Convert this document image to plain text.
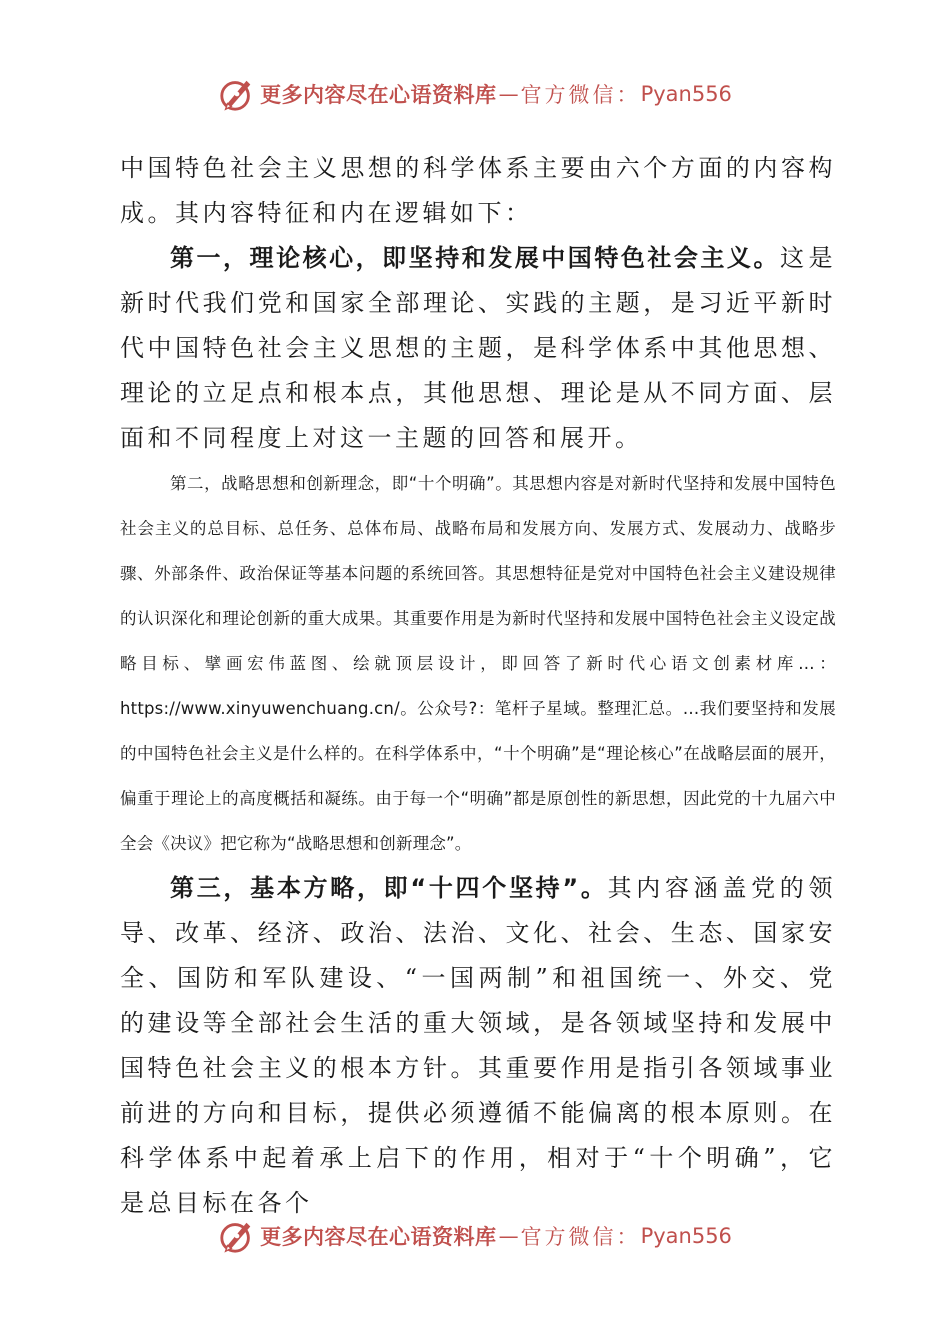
更多内容尽在心语资料库 — 官方微信： Pyan556

中国特色社会主义思想的科学体系主要由六个方面的内容构成。其内容特征和内在逻辑如下：

第一，理论核心，即坚持和发展中国特色社会主义。这是新时代我们党和国家全部理论、实践的主题，是习近平新时代中国特色社会主义思想的主题，是科学体系中其他思想、理论的立足点和根本点，其他思想、理论是从不同方面、层面和不同程度上对这一主题的回答和展开。

第二，战略思想和创新理念，即“十个明确”。其思想内容是对新时代坚持和发展中国特色社会主义的总目标、总任务、总体布局、战略布局和发展方向、发展方式、发展动力、战略步骤、外部条件、政治保证等基本问题的系统回答。其思想特征是党对中国特色社会主义建设规律的认识深化和理论创新的重大成果。其重要作用是为新时代坚持和发展中国特色社会主义设定战略目标、擘画宏伟蓝图、绘就顶层设计，即回答了新时代心语文创素材库…：https://www.xinyuwenchuang.cn/。公众号?：笔杆子星域。整理汇总。…我们要坚持和发展的中国特色社会主义是什么样的。在科学体系中，“十个明确”是“理论核心”在战略层面的展开，偏重于理论上的高度概括和凝练。由于每一个“明确”都是原创性的新思想，因此党的十九届六中全会《决议》把它称为“战略思想和创新理念”。

第三，基本方略，即“十四个坚持”。其内容涵盖党的领导、改革、经济、政治、法治、文化、社会、生态、国家安全、国防和军队建设、“一国两制”和祖国统一、外交、党的建设等全部社会生活的重大领域，是各领域坚持和发展中国特色社会主义的根本方针。其重要作用是指引各领域事业前进的方向和目标，提供必须遵循不能偏离的根本原则。在科学体系中起着承上启下的作用，相对于“十个明确”，它是总目标在各个

更多内容尽在心语资料库 — 官方微信： Pyan556
